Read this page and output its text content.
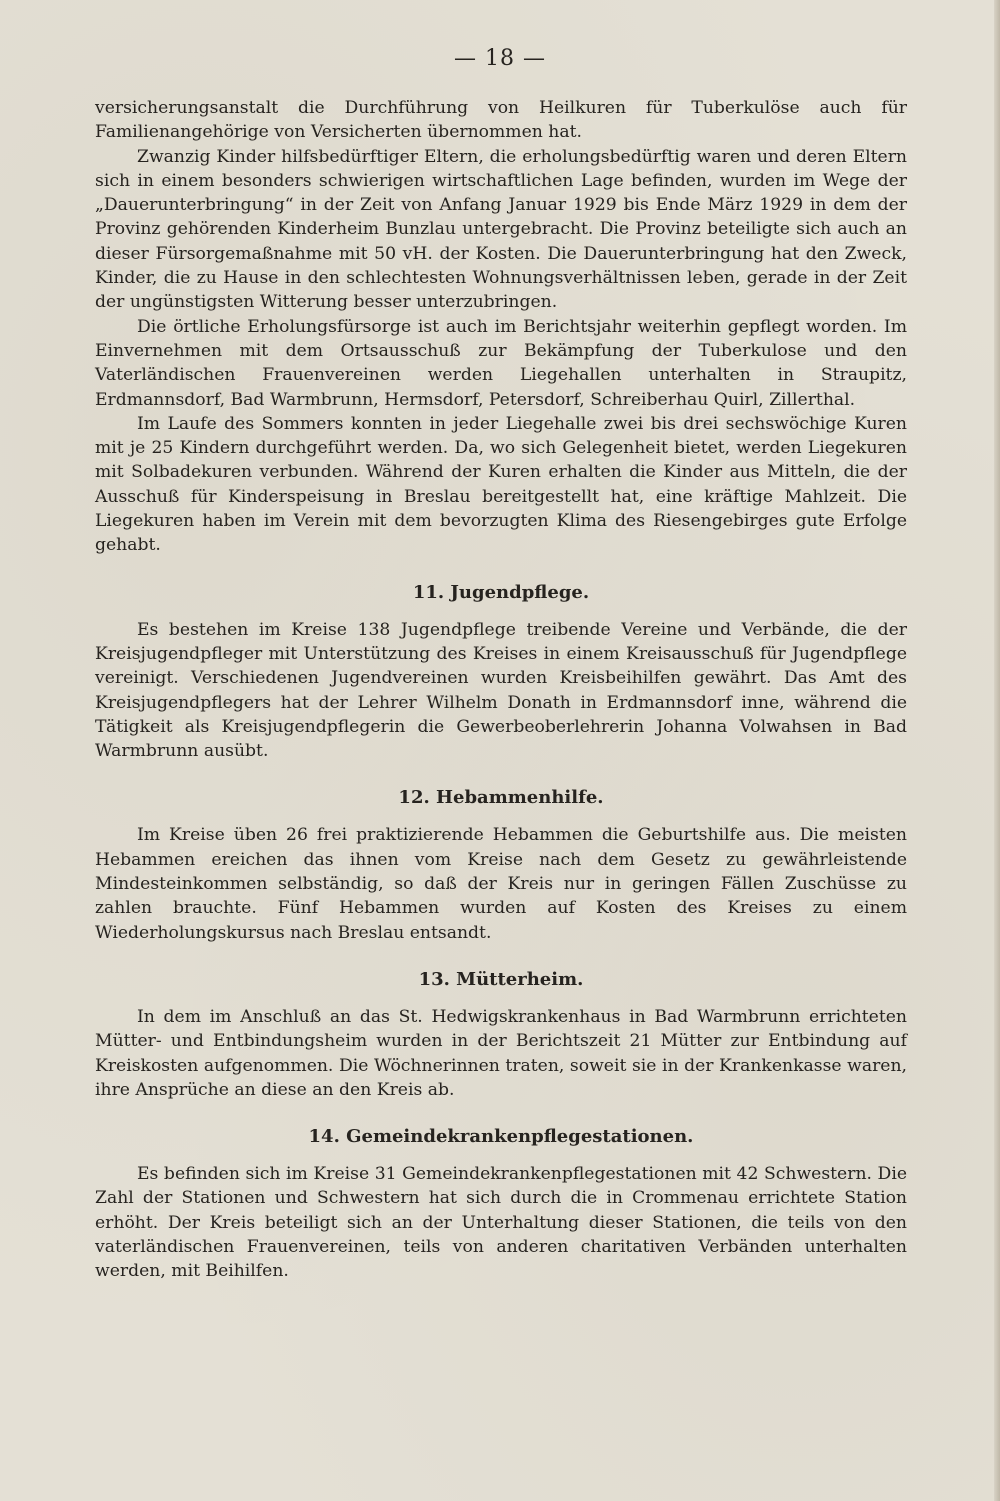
— 18 —

versicherungsanstalt die Durchführung von Heilkuren für Tuberkulöse auch für Familienangehörige von Versicherten übernommen hat.

Zwanzig Kinder hilfsbedürftiger Eltern, die erholungsbedürftig waren und deren Eltern sich in einem besonders schwierigen wirtschaftlichen Lage befinden, wurden im Wege der „Dauerunterbringung“ in der Zeit von Anfang Januar 1929 bis Ende März 1929 in dem der Provinz gehörenden Kinderheim Bunzlau untergebracht. Die Provinz beteiligte sich auch an dieser Fürsorgemaßnahme mit 50 vH. der Kosten. Die Dauerunterbringung hat den Zweck, Kinder, die zu Hause in den schlechtesten Wohnungsverhältnissen leben, gerade in der Zeit der ungünstigsten Witterung besser unterzubringen.

Die örtliche Erholungsfürsorge ist auch im Berichtsjahr weiterhin gepflegt worden. Im Einvernehmen mit dem Ortsausschuß zur Bekämpfung der Tuberkulose und den Vaterländischen Frauenvereinen werden Liegehallen unterhalten in Straupitz, Erdmannsdorf, Bad Warmbrunn, Hermsdorf, Petersdorf, Schreiberhau Quirl, Zillerthal.

Im Laufe des Sommers konnten in jeder Liegehalle zwei bis drei sechswöchige Kuren mit je 25 Kindern durchgeführt werden. Da, wo sich Gelegenheit bietet, werden Liegekuren mit Solbadekuren verbunden. Während der Kuren erhalten die Kinder aus Mitteln, die der Ausschuß für Kinderspeisung in Breslau bereitgestellt hat, eine kräftige Mahlzeit. Die Liegekuren haben im Verein mit dem bevorzugten Klima des Riesengebirges gute Erfolge gehabt.

11. Jugendpflege.

Es bestehen im Kreise 138 Jugendpflege treibende Vereine und Verbände, die der Kreisjugendpfleger mit Unterstützung des Kreises in einem Kreisausschuß für Jugendpflege vereinigt. Verschiedenen Jugendvereinen wurden Kreisbeihilfen gewährt. Das Amt des Kreisjugendpflegers hat der Lehrer Wilhelm Donath in Erdmannsdorf inne, während die Tätigkeit als Kreisjugendpflegerin die Gewerbeoberlehrerin Johanna Volwahsen in Bad Warmbrunn ausübt.

12. Hebammenhilfe.

Im Kreise üben 26 frei praktizierende Hebammen die Geburtshilfe aus. Die meisten Hebammen ereichen das ihnen vom Kreise nach dem Gesetz zu gewährleistende Mindesteinkommen selbständig, so daß der Kreis nur in geringen Fällen Zuschüsse zu zahlen brauchte. Fünf Hebammen wurden auf Kosten des Kreises zu einem Wiederholungskursus nach Breslau entsandt.

13. Mütterheim.

In dem im Anschluß an das St. Hedwigskrankenhaus in Bad Warmbrunn errichteten Mütter- und Entbindungsheim wurden in der Berichtszeit 21 Mütter zur Entbindung auf Kreiskosten aufgenommen. Die Wöchnerinnen traten, soweit sie in der Krankenkasse waren, ihre Ansprüche an diese an den Kreis ab.

14. Gemeindekrankenpflegestationen.

Es befinden sich im Kreise 31 Gemeindekrankenpflegestationen mit 42 Schwestern. Die Zahl der Stationen und Schwestern hat sich durch die in Crommenau errichtete Station erhöht. Der Kreis beteiligt sich an der Unterhaltung dieser Stationen, die teils von den vaterländischen Frauenvereinen, teils von anderen charitativen Verbänden unterhalten werden, mit Beihilfen.
